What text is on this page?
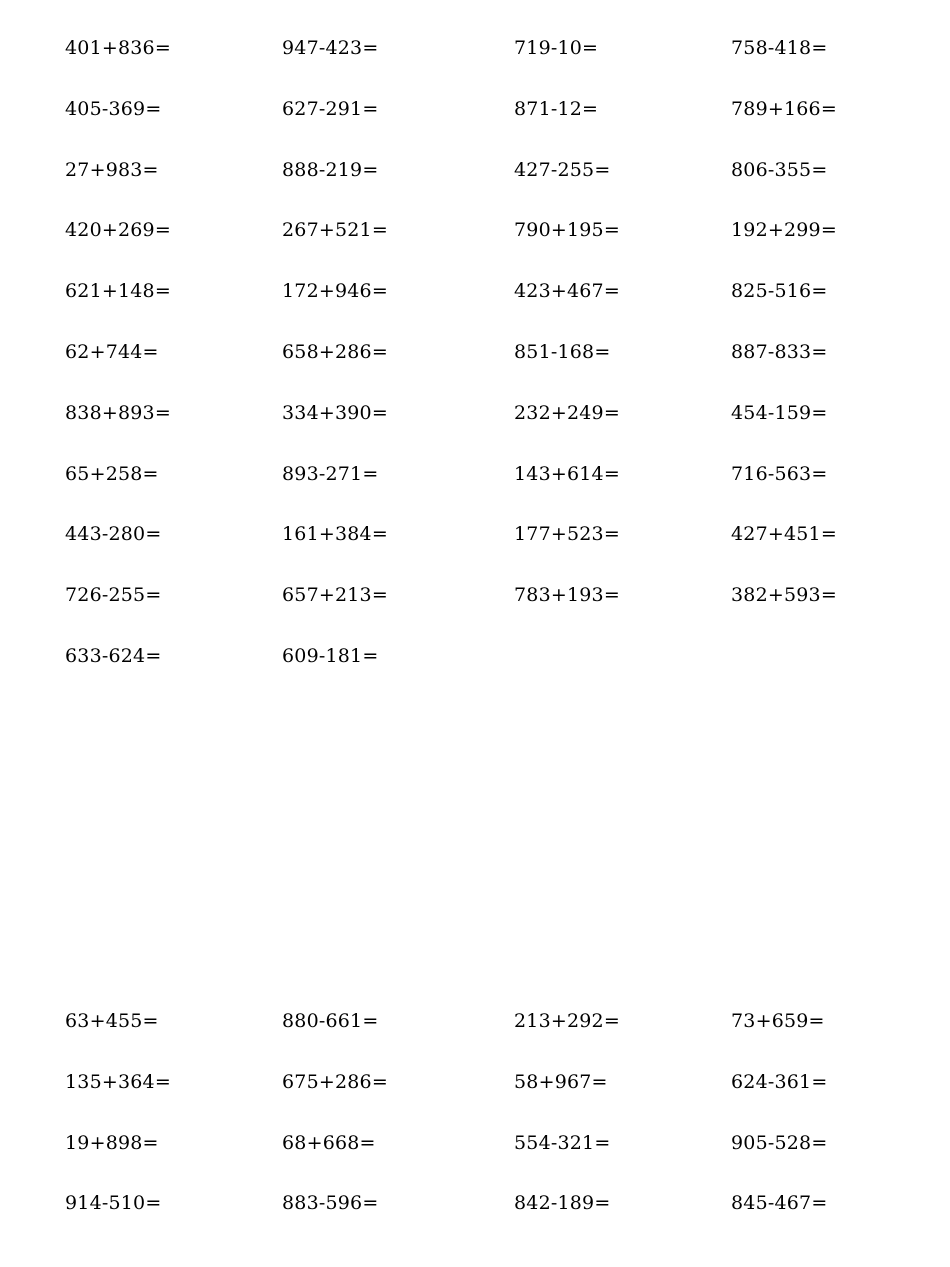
401+836=	947-423=	719-10=	758-418=
405-369=	627-291=	871-12=	789+166=
27+983=	888-219=	427-255=	806-355=
420+269=	267+521=	790+195=	192+299=
621+148=	172+946=	423+467=	825-516=
62+744=	658+286=	851-168=	887-833=
838+893=	334+390=	232+249=	454-159=
65+258=	893-271=	143+614=	716-563=
443-280=	161+384=	177+523=	427+451=
726-255=	657+213=	783+193=	382+593=
633-624=	609-181=
63+455=	880-661=	213+292=	73+659=
135+364=	675+286=	58+967=	624-361=
19+898=	68+668=	554-321=	905-528=
914-510=	883-596=	842-189=	845-467=
